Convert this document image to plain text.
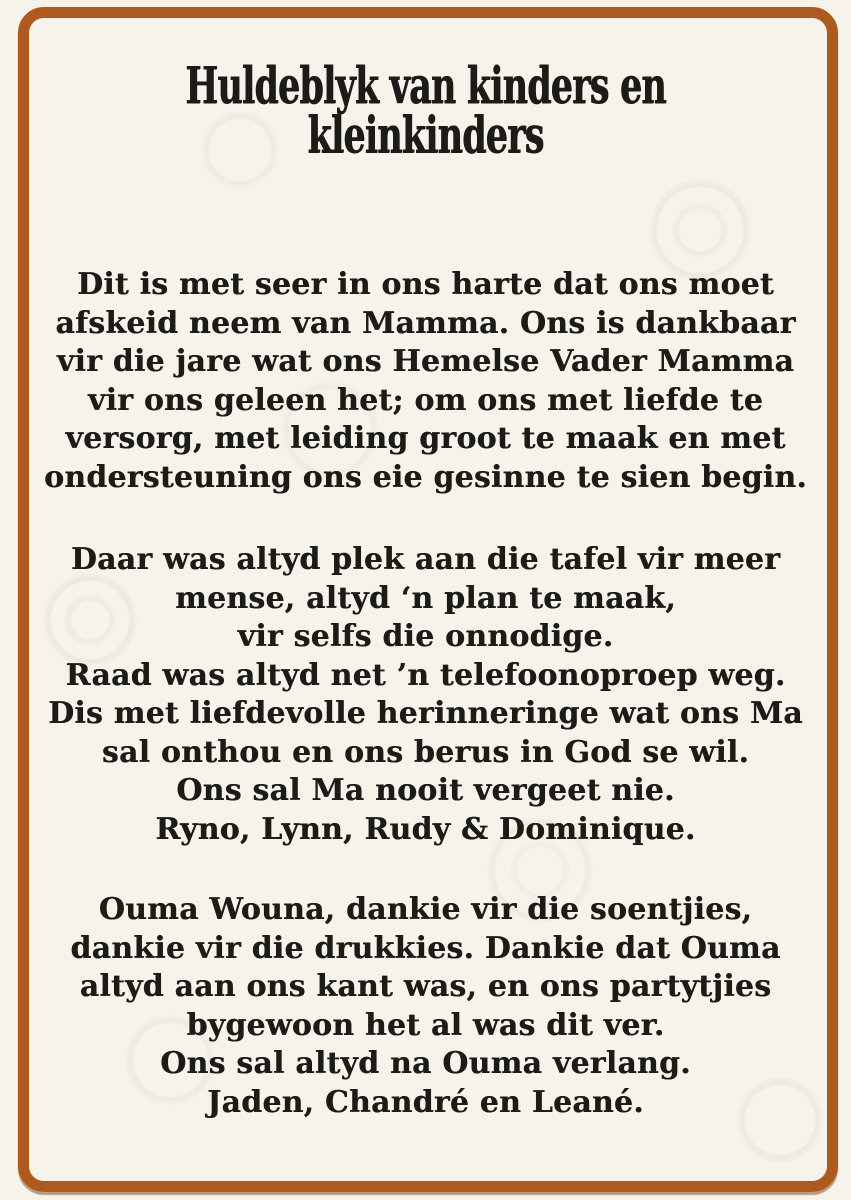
Huldeblyk van kinders en
kleinkinders
Dit is met seer in ons harte dat ons moet
afskeid neem van Mamma. Ons is dankbaar
vir die jare wat ons Hemelse Vader Mamma
vir ons geleen het; om ons met liefde te
versorg, met leiding groot te maak en met
ondersteuning ons eie gesinne te sien begin.
Daar was altyd plek aan die tafel vir meer
mense, altyd ‘n plan te maak,
vir selfs die onnodige.
Raad was altyd net ’n telefoonoproep weg.
Dis met liefdevolle herinneringe wat ons Ma
sal onthou en ons berus in God se wil.
Ons sal Ma nooit vergeet nie.
Ryno, Lynn, Rudy & Dominique.
Ouma Wouna, dankie vir die soentjies,
dankie vir die drukkies. Dankie dat Ouma
altyd aan ons kant was, en ons partytjies
bygewoon het al was dit ver.
Ons sal altyd na Ouma verlang.
Jaden, Chandré en Leané.
